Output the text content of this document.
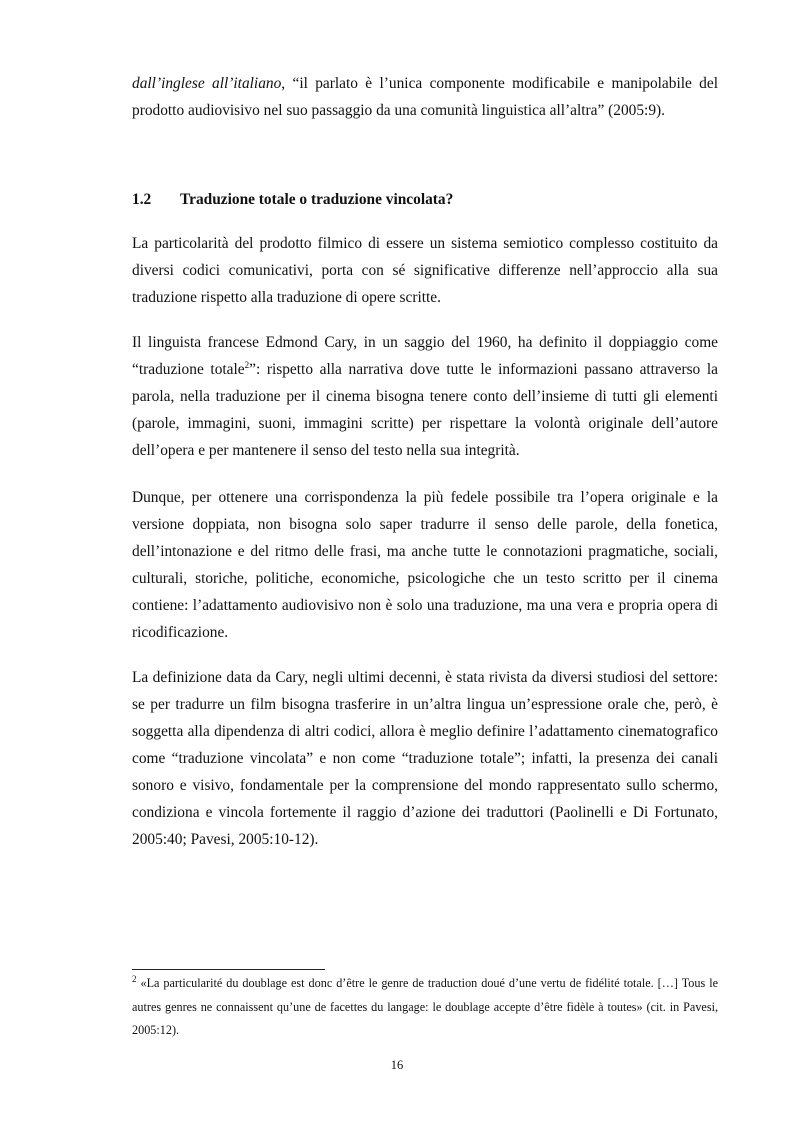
dall’inglese all’italiano, “il parlato è l’unica componente modificabile e manipolabile del prodotto audiovisivo nel suo passaggio da una comunità linguistica all’altra” (2005:9).

1.2 Traduzione totale o traduzione vincolata?

La particolarità del prodotto filmico di essere un sistema semiotico complesso costituito da diversi codici comunicativi, porta con sé significative differenze nell’approccio alla sua traduzione rispetto alla traduzione di opere scritte.

Il linguista francese Edmond Cary, in un saggio del 1960, ha definito il doppiaggio come “traduzione totale$^2$”: rispetto alla narrativa dove tutte le informazioni passano attraverso la parola, nella traduzione per il cinema bisogna tenere conto dell’insieme di tutti gli elementi (parole, immagini, suoni, immagini scritte) per rispettare la volontà originale dell’autore dell’opera e per mantenere il senso del testo nella sua integrità.

Dunque, per ottenere una corrispondenza la più fedele possibile tra l’opera originale e la versione doppiata, non bisogna solo saper tradurre il senso delle parole, della fonetica, dell’intonazione e del ritmo delle frasi, ma anche tutte le connotazioni pragmatiche, sociali, culturali, storiche, politiche, economiche, psicologiche che un testo scritto per il cinema contiene: l’adattamento audiovisivo non è solo una traduzione, ma una vera e propria opera di ricodificazione.

La definizione data da Cary, negli ultimi decenni, è stata rivista da diversi studiosi del settore: se per tradurre un film bisogna trasferire in un’altra lingua un’espressione orale che, però, è soggetta alla dipendenza di altri codici, allora è meglio definire l’adattamento cinematografico come “traduzione vincolata” e non come “traduzione totale”; infatti, la presenza dei canali sonoro e visivo, fondamentale per la comprensione del mondo rappresentato sullo schermo, condiziona e vincola fortemente il raggio d’azione dei traduttori (Paolinelli e Di Fortunato, 2005:40; Pavesi, 2005:10-12).

$^2$ «La particularité du doublage est donc d’être le genre de traduction doué d’une vertu de fidélité totale. […] Tous le autres genres ne connaissent qu’une de facettes du langage: le doublage accepte d’être fidèle à toutes» (cit. in Pavesi, 2005:12).
16
